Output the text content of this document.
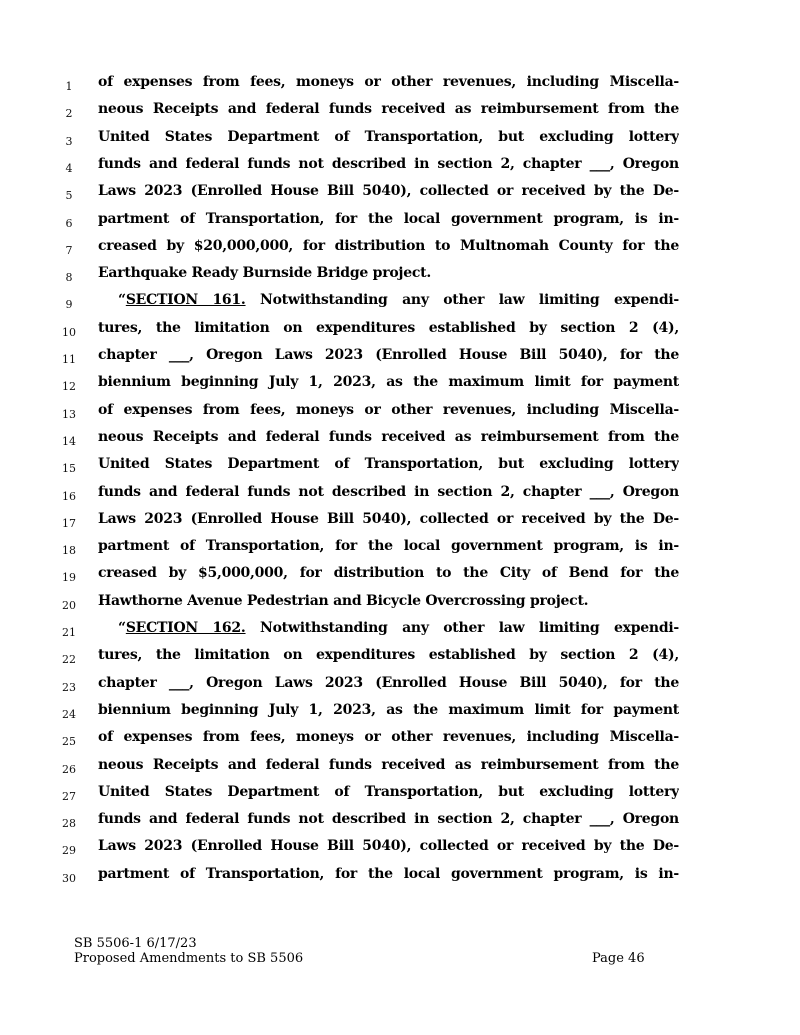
1	of expenses from fees, moneys or other revenues, including Miscella-
2	neous Receipts and federal funds received as reimbursement from the
3	United States Department of Transportation, but excluding lottery
4	funds and federal funds not described in section 2, chapter ___, Oregon
5	Laws 2023 (Enrolled House Bill 5040), collected or received by the De-
6	partment of Transportation, for the local government program, is in-
7	creased by $20,000,000, for distribution to Multnomah County for the
8	Earthquake Ready Burnside Bridge project.
9	“SECTION 161. Notwithstanding any other law limiting expendi-
10	tures, the limitation on expenditures established by section 2 (4),
11	chapter ___, Oregon Laws 2023 (Enrolled House Bill 5040), for the
12	biennium beginning July 1, 2023, as the maximum limit for payment
13	of expenses from fees, moneys or other revenues, including Miscella-
14	neous Receipts and federal funds received as reimbursement from the
15	United States Department of Transportation, but excluding lottery
16	funds and federal funds not described in section 2, chapter ___, Oregon
17	Laws 2023 (Enrolled House Bill 5040), collected or received by the De-
18	partment of Transportation, for the local government program, is in-
19	creased by $5,000,000, for distribution to the City of Bend for the
20	Hawthorne Avenue Pedestrian and Bicycle Overcrossing project.
21	“SECTION 162. Notwithstanding any other law limiting expendi-
22	tures, the limitation on expenditures established by section 2 (4),
23	chapter ___, Oregon Laws 2023 (Enrolled House Bill 5040), for the
24	biennium beginning July 1, 2023, as the maximum limit for payment
25	of expenses from fees, moneys or other revenues, including Miscella-
26	neous Receipts and federal funds received as reimbursement from the
27	United States Department of Transportation, but excluding lottery
28	funds and federal funds not described in section 2, chapter ___, Oregon
29	Laws 2023 (Enrolled House Bill 5040), collected or received by the De-
30	partment of Transportation, for the local government program, is in-
SB 5506-1 6/17/23
Proposed Amendments to SB 5506	Page 46
